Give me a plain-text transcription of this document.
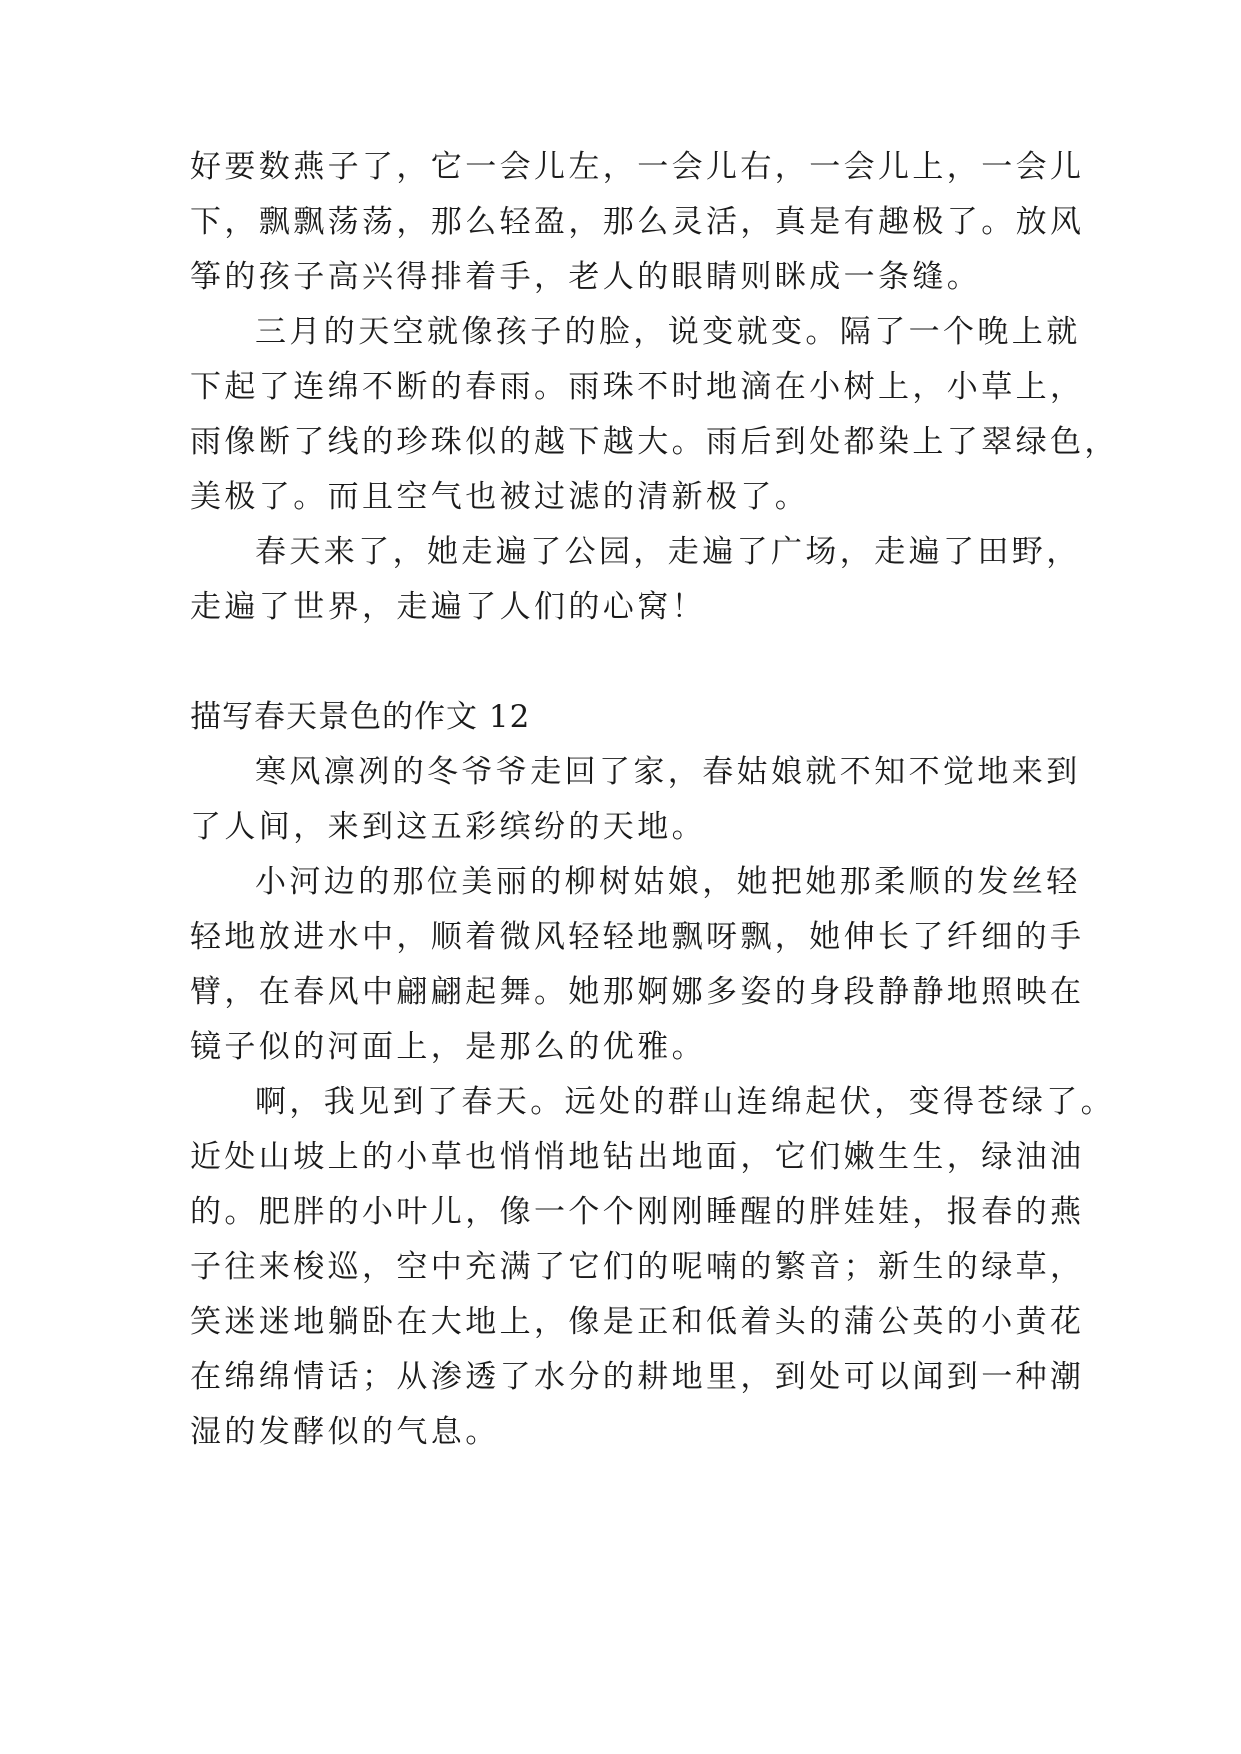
好要数燕子了，它一会儿左，一会儿右，一会儿上，一会儿
下，飘飘荡荡，那么轻盈，那么灵活，真是有趣极了。放风
筝的孩子高兴得排着手，老人的眼睛则眯成一条缝。
三月的天空就像孩子的脸，说变就变。隔了一个晚上就
下起了连绵不断的春雨。雨珠不时地滴在小树上，小草上，
雨像断了线的珍珠似的越下越大。雨后到处都染上了翠绿色，
美极了。而且空气也被过滤的清新极了。
春天来了，她走遍了公园，走遍了广场，走遍了田野，
走遍了世界，走遍了人们的心窝！
描写春天景色的作文 12
寒风凛冽的冬爷爷走回了家，春姑娘就不知不觉地来到
了人间，来到这五彩缤纷的天地。
小河边的那位美丽的柳树姑娘，她把她那柔顺的发丝轻
轻地放进水中，顺着微风轻轻地飘呀飘，她伸长了纤细的手
臂，在春风中翩翩起舞。她那婀娜多姿的身段静静地照映在
镜子似的河面上，是那么的优雅。
啊，我见到了春天。远处的群山连绵起伏，变得苍绿了。
近处山坡上的小草也悄悄地钻出地面，它们嫩生生，绿油油
的。肥胖的小叶儿，像一个个刚刚睡醒的胖娃娃，报春的燕
子往来梭巡，空中充满了它们的呢喃的繁音；新生的绿草，
笑迷迷地躺卧在大地上，像是正和低着头的蒲公英的小黄花
在绵绵情话；从渗透了水分的耕地里，到处可以闻到一种潮
湿的发酵似的气息。
